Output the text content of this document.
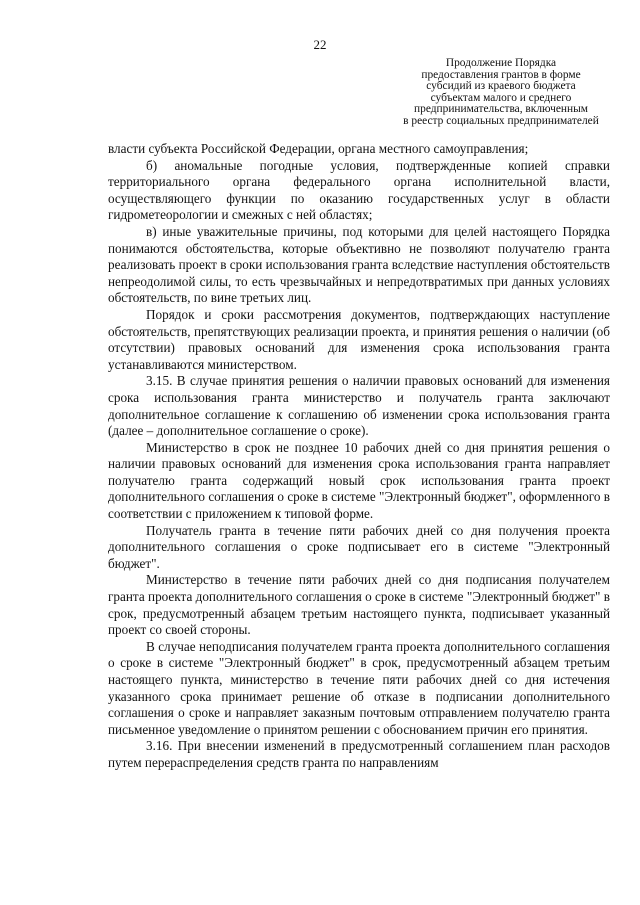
22
Продолжение Порядка
предоставления грантов в форме
субсидий из краевого бюджета
субъектам малого и среднего
предпринимательства, включенным
в реестр социальных предпринимателей

власти субъекта Российской Федерации, органа местного самоуправления;

б) аномальные погодные условия, подтвержденные копией справки территориального органа федерального органа исполнительной власти, осуществляющего функции по оказанию государственных услуг в области гидрометеорологии и смежных с ней областях;

в) иные уважительные причины, под которыми для целей настоящего Порядка понимаются обстоятельства, которые объективно не позволяют получателю гранта реализовать проект в сроки использования гранта вследствие наступления обстоятельств непреодолимой силы, то есть чрезвычайных и непредотвратимых при данных условиях обстоятельств, по вине третьих лиц.

Порядок и сроки рассмотрения документов, подтверждающих наступление обстоятельств, препятствующих реализации проекта, и принятия решения о наличии (об отсутствии) правовых оснований для изменения срока использования гранта устанавливаются министерством.

3.15. В случае принятия решения о наличии правовых оснований для изменения срока использования гранта министерство и получатель гранта заключают дополнительное соглашение к соглашению об изменении срока использования гранта (далее – дополнительное соглашение о сроке).

Министерство в срок не позднее 10 рабочих дней со дня принятия решения о наличии правовых оснований для изменения срока использования гранта направляет получателю гранта содержащий новый срок использования гранта проект дополнительного соглашения о сроке в системе "Электронный бюджет", оформленного в соответствии с приложением к типовой форме.

Получатель гранта в течение пяти рабочих дней со дня получения проекта дополнительного соглашения о сроке подписывает его в системе "Электронный бюджет".

Министерство в течение пяти рабочих дней со дня подписания получателем гранта проекта дополнительного соглашения о сроке в системе "Электронный бюджет" в срок, предусмотренный абзацем третьим настоящего пункта, подписывает указанный проект со своей стороны.

В случае неподписания получателем гранта проекта дополнительного соглашения о сроке в системе "Электронный бюджет" в срок, предусмотренный абзацем третьим настоящего пункта, министерство в течение пяти рабочих дней со дня истечения указанного срока принимает решение об отказе в подписании дополнительного соглашения о сроке и направляет заказным почтовым отправлением получателю гранта письменное уведомление о принятом решении с обоснованием причин его принятия.

3.16. При внесении изменений в предусмотренный соглашением план расходов путем перераспределения средств гранта по направлениям
